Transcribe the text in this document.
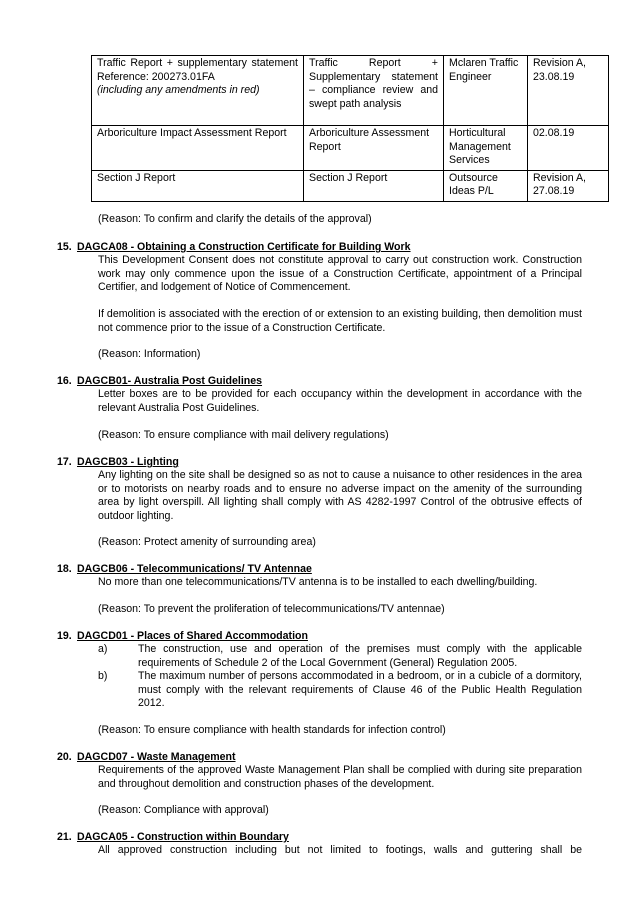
Traffic Report + supplementary statement Reference: 200273.01FA
(including any amendments in red)	Traffic Report + Supplementary statement – compliance review and swept path analysis	Mclaren Traffic Engineer	Revision A, 23.08.19
Arboriculture Impact Assessment Report	Arboriculture Assessment Report	Horticultural Management Services	02.08.19
Section J Report	Section J Report	Outsource Ideas P/L	Revision A, 27.08.19
(Reason: To confirm and clarify the details of the approval)
15. DAGCA08 - Obtaining a Construction Certificate for Building Work
This Development Consent does not constitute approval to carry out construction work. Construction work may only commence upon the issue of a Construction Certificate, appointment of a Principal Certifier, and lodgement of Notice of Commencement.
If demolition is associated with the erection of or extension to an existing building, then demolition must not commence prior to the issue of a Construction Certificate.
(Reason: Information)
16. DAGCB01- Australia Post Guidelines
Letter boxes are to be provided for each occupancy within the development in accordance with the relevant Australia Post Guidelines.
(Reason: To ensure compliance with mail delivery regulations)
17. DAGCB03 - Lighting
Any lighting on the site shall be designed so as not to cause a nuisance to other residences in the area or to motorists on nearby roads and to ensure no adverse impact on the amenity of the surrounding area by light overspill. All lighting shall comply with AS 4282-1997 Control of the obtrusive effects of outdoor lighting.
(Reason: Protect amenity of surrounding area)
18. DAGCB06 - Telecommunications/ TV Antennae
No more than one telecommunications/TV antenna is to be installed to each dwelling/building.
(Reason: To prevent the proliferation of telecommunications/TV antennae)
19. DAGCD01 - Places of Shared Accommodation
a)	The construction, use and operation of the premises must comply with the applicable requirements of Schedule 2 of the Local Government (General) Regulation 2005.
b)	The maximum number of persons accommodated in a bedroom, or in a cubicle of a dormitory, must comply with the relevant requirements of Clause 46 of the Public Health Regulation 2012.
(Reason: To ensure compliance with health standards for infection control)
20. DAGCD07 - Waste Management
Requirements of the approved Waste Management Plan shall be complied with during site preparation and throughout demolition and construction phases of the development.
(Reason: Compliance with approval)
21. DAGCA05 - Construction within Boundary
All approved construction including but not limited to footings, walls and guttering shall be
